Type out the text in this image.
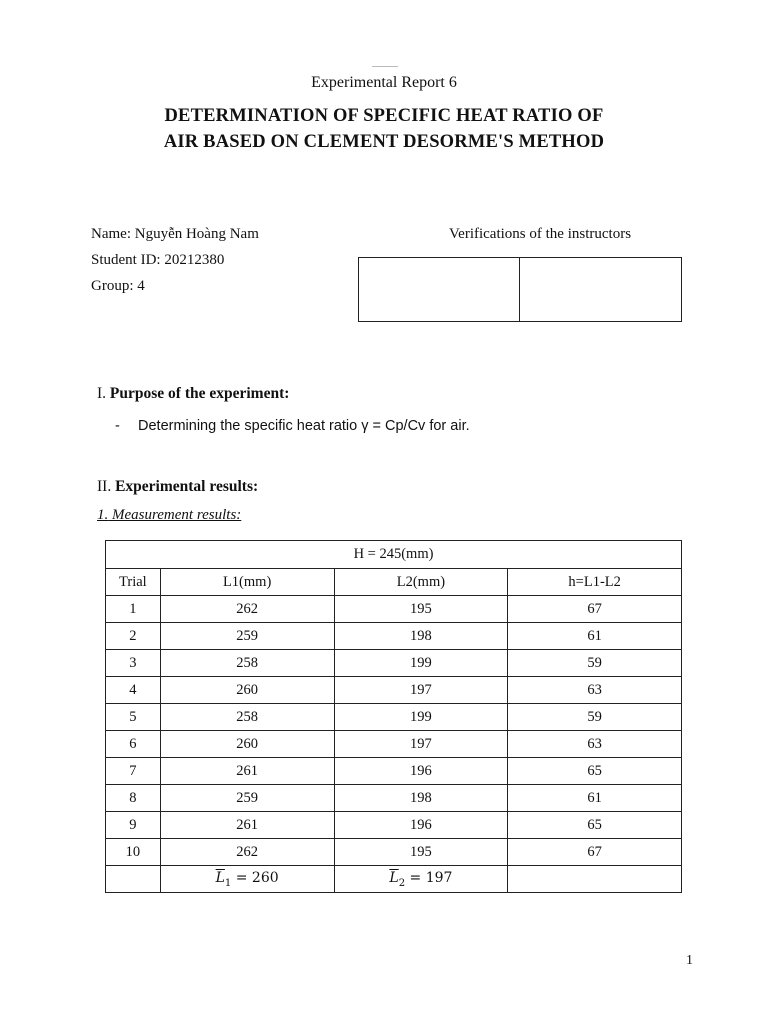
Experimental Report 6
DETERMINATION OF SPECIFIC HEAT RATIO OF
AIR BASED ON CLEMENT DESORME'S METHOD
Name: Nguyễn Hoàng Nam
Student ID: 20212380
Group: 4
Verifications of the instructors
I. Purpose of the experiment:
- Determining the specific heat ratio γ = Cp/Cv for air.
II. Experimental results:
1. Measurement results:
H = 245(mm)			
Trial	L1(mm)	L2(mm)	h=L1-L2
1	262	195	67
2	259	198	61
3	258	199	59
4	260	197	63
5	258	199	59
6	260	197	63
7	261	196	65
8	259	198	61
9	261	196	65
10	262	195	67
	$\overline{L}_1 = 260$	$\overline{L}_2 = 197$	
1
